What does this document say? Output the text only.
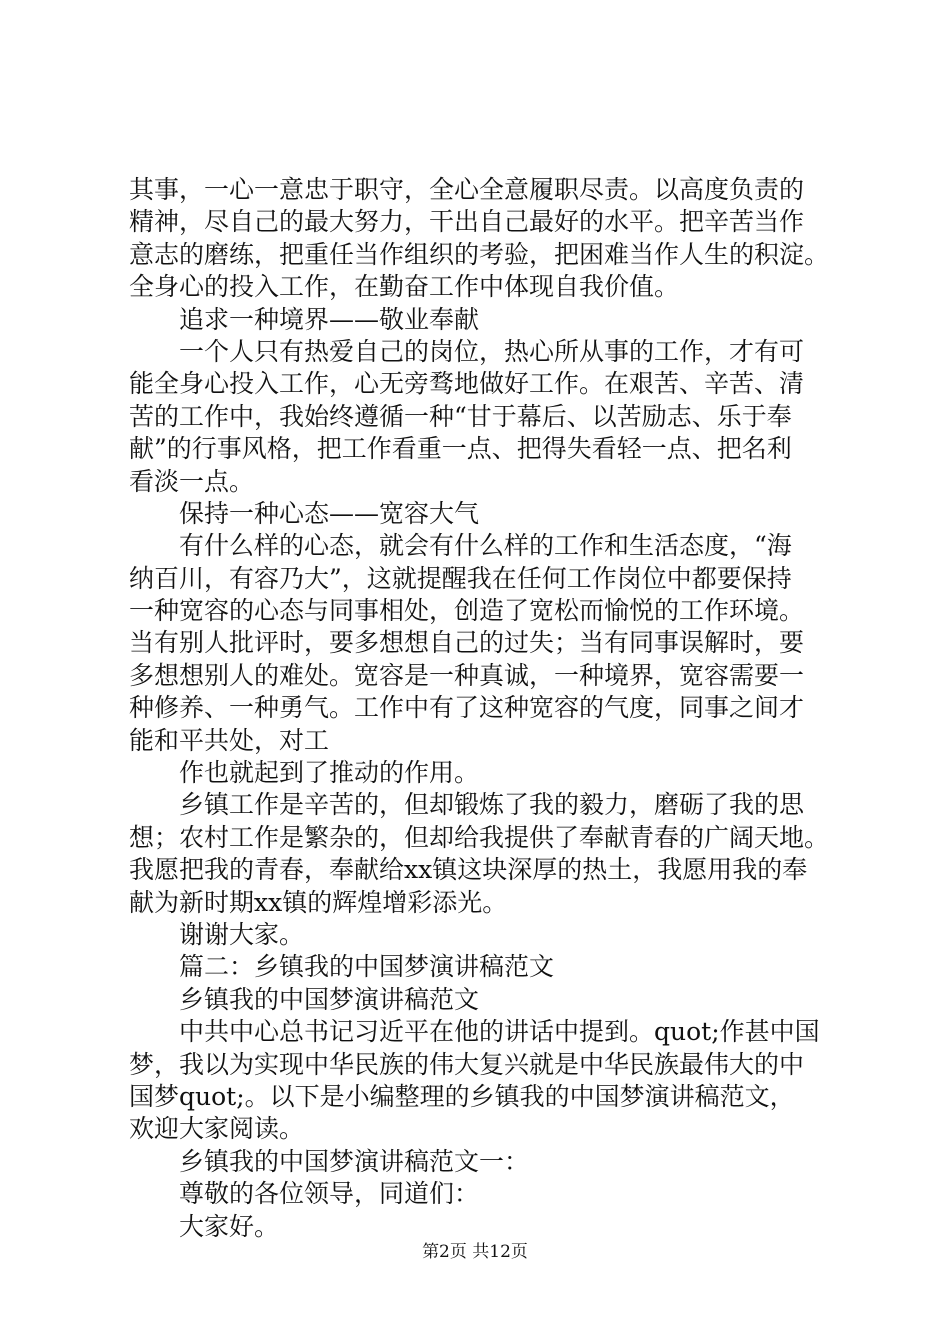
其事，一心一意忠于职守，全心全意履职尽责。以高度负责的
精神，尽自己的最大努力，干出自己最好的水平。把辛苦当作
意志的磨练，把重任当作组织的考验，把困难当作人生的积淀。
全身心的投入工作，在勤奋工作中体现自我价值。
追求一种境界——敬业奉献
一个人只有热爱自己的岗位，热心所从事的工作，才有可
能全身心投入工作，心无旁骛地做好工作。在艰苦、辛苦、清
苦的工作中，我始终遵循一种“甘于幕后、以苦励志、乐于奉
献”的行事风格，把工作看重一点、把得失看轻一点、把名利
看淡一点。
保持一种心态——宽容大气
有什么样的心态，就会有什么样的工作和生活态度，“海
纳百川，有容乃大”，这就提醒我在任何工作岗位中都要保持
一种宽容的心态与同事相处，创造了宽松而愉悦的工作环境。
当有别人批评时，要多想想自己的过失；当有同事误解时，要
多想想别人的难处。宽容是一种真诚，一种境界，宽容需要一
种修养、一种勇气。工作中有了这种宽容的气度，同事之间才
能和平共处，对工
作也就起到了推动的作用。
乡镇工作是辛苦的，但却锻炼了我的毅力，磨砺了我的思
想；农村工作是繁杂的，但却给我提供了奉献青春的广阔天地。
我愿把我的青春，奉献给xx镇这块深厚的热土，我愿用我的奉
献为新时期xx镇的辉煌增彩添光。
谢谢大家。
篇二：乡镇我的中国梦演讲稿范文
乡镇我的中国梦演讲稿范文
中共中心总书记习近平在他的讲话中提到。quot;作甚中国
梦，我以为实现中华民族的伟大复兴就是中华民族最伟大的中
国梦quot;。以下是小编整理的乡镇我的中国梦演讲稿范文，
欢迎大家阅读。
乡镇我的中国梦演讲稿范文一：
尊敬的各位领导，同道们：
大家好。
第2页 共12页
